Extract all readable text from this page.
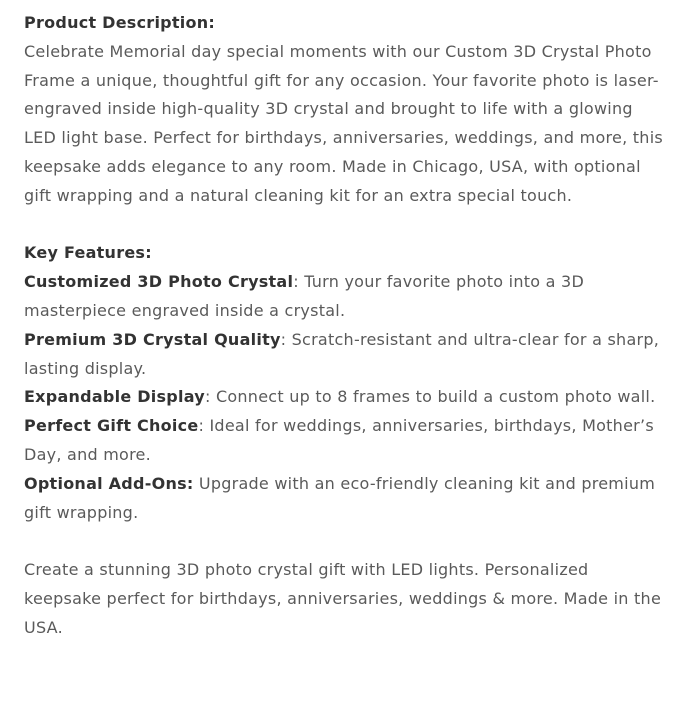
Product Description:
Celebrate Memorial day special moments with our Custom 3D Crystal Photo Frame a unique, thoughtful gift for any occasion. Your favorite photo is laser-engraved inside high-quality 3D crystal and brought to life with a glowing LED light base. Perfect for birthdays, anniversaries, weddings, and more, this keepsake adds elegance to any room. Made in Chicago, USA, with optional gift wrapping and a natural cleaning kit for an extra special touch.

Key Features:

Customized 3D Photo Crystal: Turn your favorite photo into a 3D masterpiece engraved inside a crystal.

Premium 3D Crystal Quality: Scratch-resistant and ultra-clear for a sharp, lasting display.

Expandable Display: Connect up to 8 frames to build a custom photo wall.

Perfect Gift Choice: Ideal for weddings, anniversaries, birthdays, Mother’s Day, and more.

Optional Add-Ons: Upgrade with an eco-friendly cleaning kit and premium gift wrapping.

Create a stunning 3D photo crystal gift with LED lights. Personalized keepsake perfect for birthdays, anniversaries, weddings & more. Made in the USA.
